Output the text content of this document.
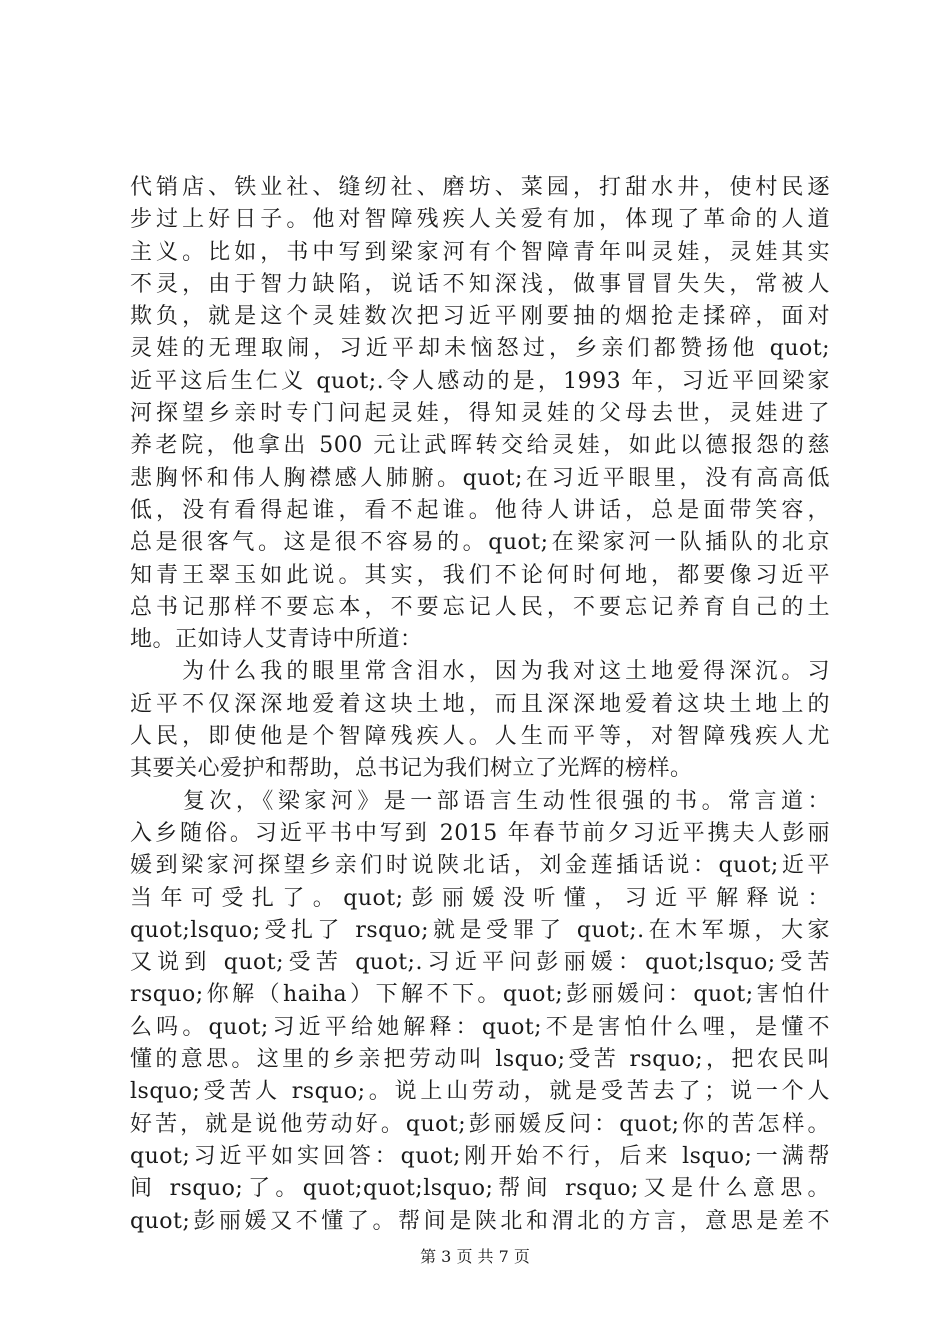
代销店、铁业社、缝纫社、磨坊、菜园，打甜水井，使村民逐
步过上好日子。他对智障残疾人关爱有加，体现了革命的人道
主义。比如，书中写到梁家河有个智障青年叫灵娃，灵娃其实
不灵，由于智力缺陷，说话不知深浅，做事冒冒失失，常被人
欺负，就是这个灵娃数次把习近平刚要抽的烟抢走揉碎，面对
灵娃的无理取闹，习近平却未恼怒过，乡亲们都赞扬他 quot;
近平这后生仁义 quot;.令人感动的是，1993 年，习近平回梁家
河探望乡亲时专门问起灵娃，得知灵娃的父母去世，灵娃进了
养老院，他拿出 500 元让武晖转交给灵娃，如此以德报怨的慈
悲胸怀和伟人胸襟感人肺腑。quot;在习近平眼里，没有高高低
低，没有看得起谁，看不起谁。他待人讲话，总是面带笑容，
总是很客气。这是很不容易的。quot;在梁家河一队插队的北京
知青王翠玉如此说。其实，我们不论何时何地，都要像习近平
总书记那样不要忘本，不要忘记人民，不要忘记养育自己的土
地。正如诗人艾青诗中所道：
　　为什么我的眼里常含泪水，因为我对这土地爱得深沉。习
近平不仅深深地爱着这块土地，而且深深地爱着这块土地上的
人民，即使他是个智障残疾人。人生而平等，对智障残疾人尤
其要关心爱护和帮助，总书记为我们树立了光辉的榜样。
　　复次，《梁家河》是一部语言生动性很强的书。常言道：
入乡随俗。习近平书中写到 2015 年春节前夕习近平携夫人彭丽
媛到梁家河探望乡亲们时说陕北话，刘金莲插话说：quot;近平
当年可受扎了。quot;彭丽媛没听懂，习近平解释说：
quot;lsquo;受扎了 rsquo;就是受罪了 quot;.在木军塬，大家
又说到 quot;受苦 quot;.习近平问彭丽媛：quot;lsquo;受苦
rsquo;你解（haiha）下解不下。quot;彭丽媛问：quot;害怕什
么吗。quot;习近平给她解释：quot;不是害怕什么哩，是懂不
懂的意思。这里的乡亲把劳动叫 lsquo;受苦 rsquo;，把农民叫
lsquo;受苦人 rsquo;。说上山劳动，就是受苦去了；说一个人
好苦，就是说他劳动好。quot;彭丽媛反问：quot;你的苦怎样。
quot;习近平如实回答：quot;刚开始不行，后来 lsquo;一满帮
间 rsquo;了。quot;quot;lsquo;帮间 rsquo;又是什么意思。
quot;彭丽媛又不懂了。帮间是陕北和渭北的方言，意思是差不
第 3 页 共 7 页
